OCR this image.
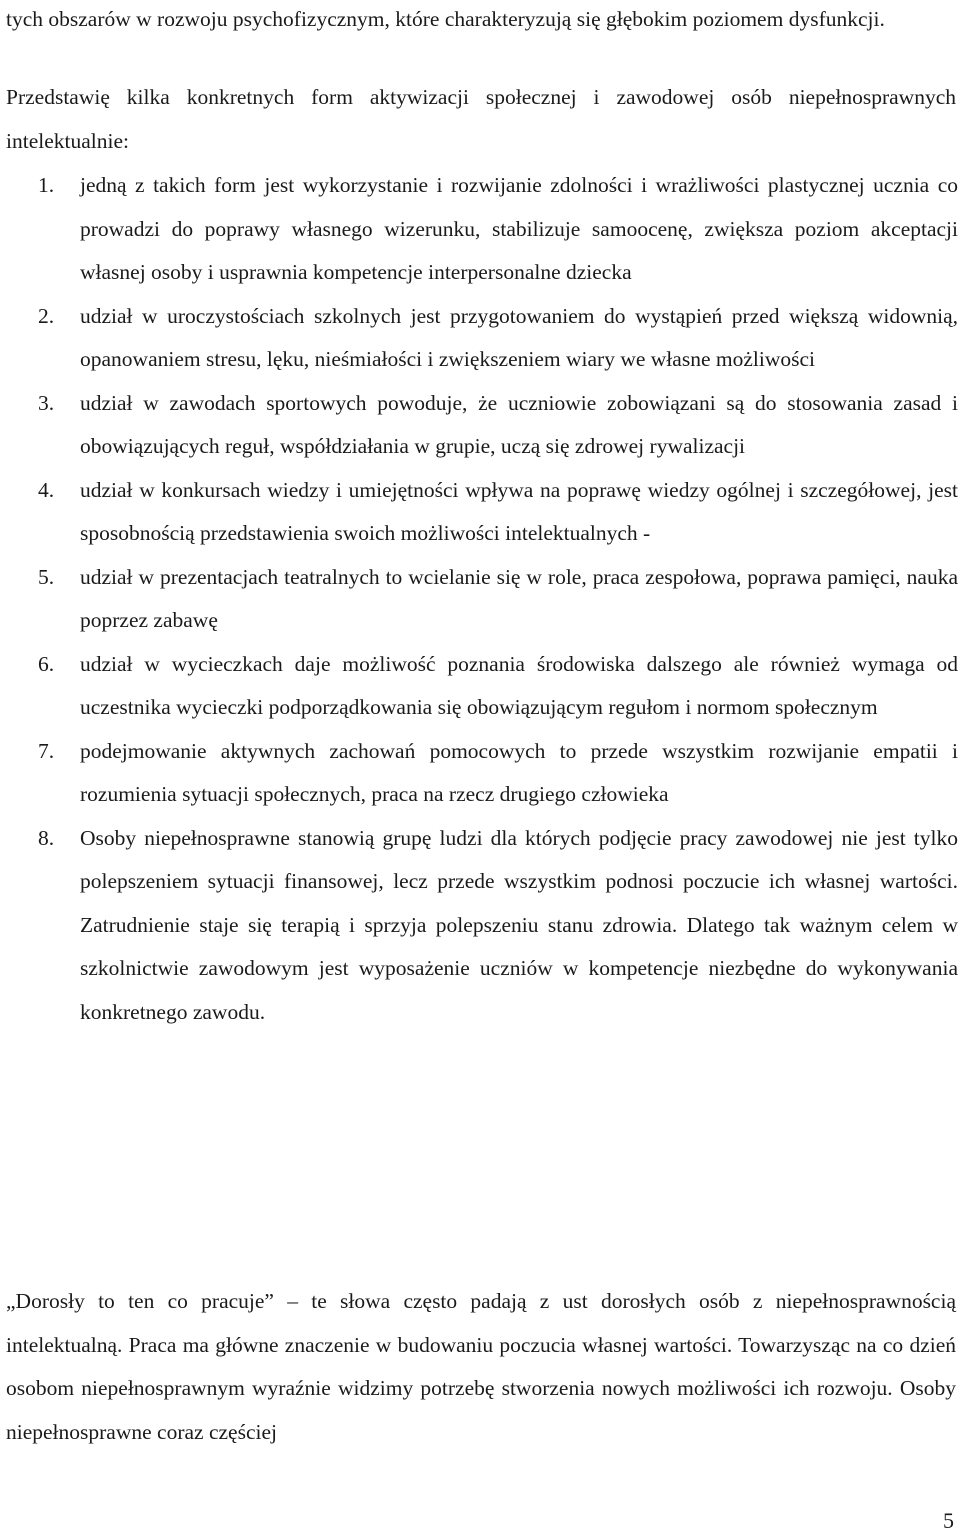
tych obszarów w rozwoju psychofizycznym, które charakteryzują się głębokim poziomem dysfunkcji.

Przedstawię kilka konkretnych form aktywizacji społecznej i zawodowej osób niepełnosprawnych intelektualnie:

1. jedną z takich form jest wykorzystanie i rozwijanie zdolności i wrażliwości plastycznej ucznia co prowadzi do poprawy własnego wizerunku, stabilizuje samoocenę, zwiększa poziom akceptacji własnej osoby i usprawnia kompetencje interpersonalne dziecka
2. udział w uroczystościach szkolnych jest przygotowaniem do wystąpień przed większą widownią, opanowaniem stresu, lęku, nieśmiałości i zwiększeniem wiary we własne możliwości
3. udział w zawodach sportowych powoduje, że uczniowie zobowiązani są do stosowania zasad i obowiązujących reguł, współdziałania w grupie, uczą się zdrowej rywalizacji
4. udział w konkursach wiedzy i umiejętności wpływa na poprawę wiedzy ogólnej i szczegółowej, jest sposobnością przedstawienia swoich możliwości intelektualnych -
5. udział w prezentacjach teatralnych to wcielanie się w role, praca zespołowa, poprawa pamięci, nauka poprzez zabawę
6. udział w wycieczkach daje możliwość poznania środowiska dalszego ale również wymaga od uczestnika wycieczki podporządkowania się obowiązującym regułom i normom społecznym
7. podejmowanie aktywnych zachowań pomocowych to przede wszystkim rozwijanie empatii i rozumienia sytuacji społecznych, praca na rzecz drugiego człowieka
8. Osoby niepełnosprawne stanowią grupę ludzi dla których podjęcie pracy zawodowej nie jest tylko polepszeniem sytuacji finansowej, lecz przede wszystkim podnosi poczucie ich własnej wartości. Zatrudnienie staje się terapią i sprzyja polepszeniu stanu zdrowia. Dlatego tak ważnym celem w szkolnictwie zawodowym jest wyposażenie uczniów w kompetencje niezbędne do wykonywania konkretnego zawodu.

„Dorosły to ten co pracuje” – te słowa często padają z ust dorosłych osób z niepełnosprawnością intelektualną. Praca ma główne znaczenie w budowaniu poczucia własnej wartości. Towarzysząc na co dzień osobom niepełnosprawnym wyraźnie widzimy potrzebę stworzenia nowych możliwości ich rozwoju. Osoby niepełnosprawne coraz częściej

5
